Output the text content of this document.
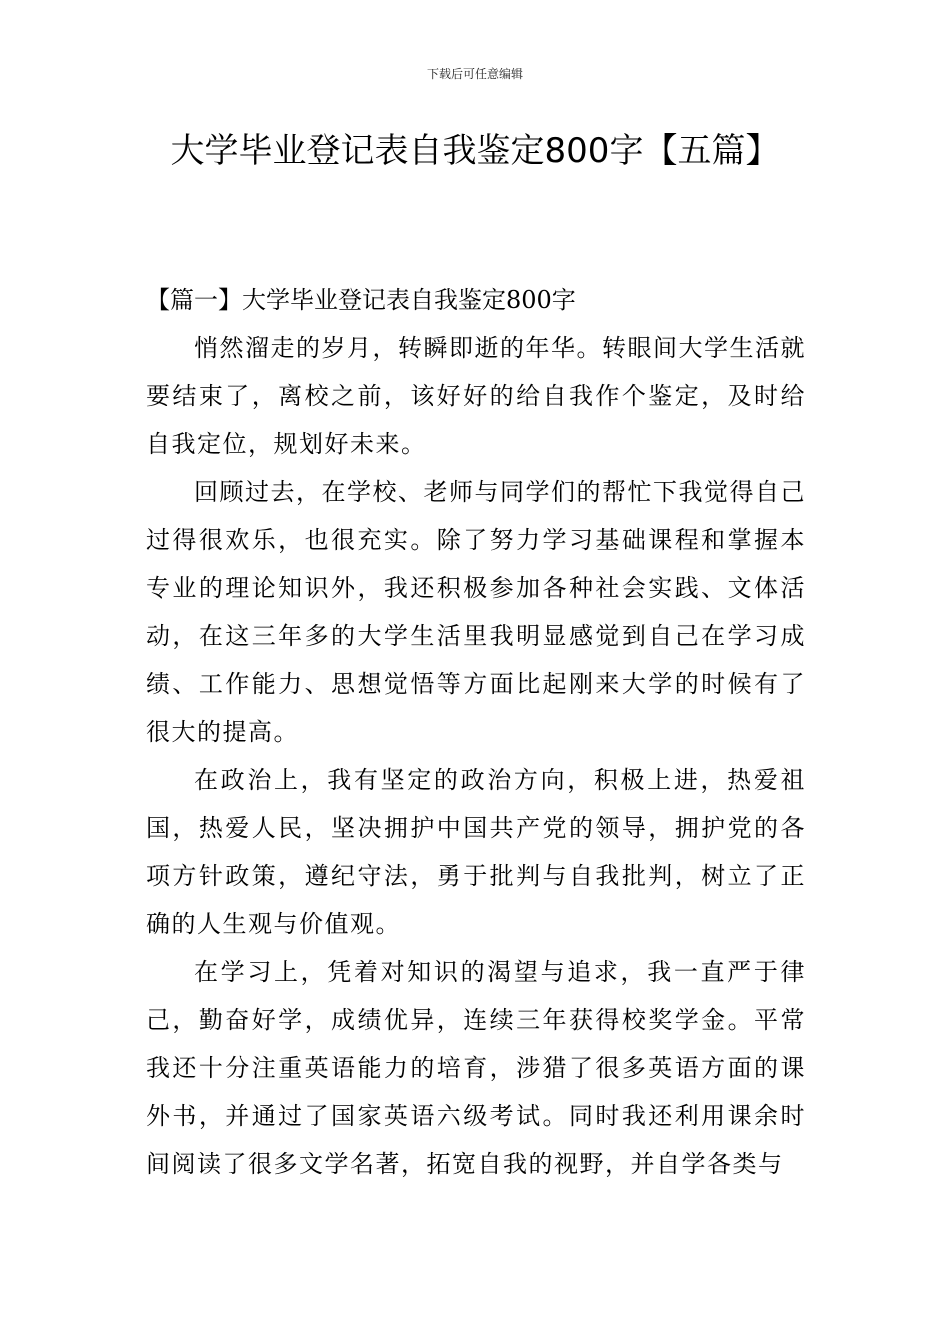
下载后可任意编辑
大学毕业登记表自我鉴定800字【五篇】
【篇一】大学毕业登记表自我鉴定800字

悄然溜走的岁月，转瞬即逝的年华。转眼间大学生活就要结束了，离校之前，该好好的给自我作个鉴定，及时给自我定位，规划好未来。

回顾过去，在学校、老师与同学们的帮忙下我觉得自己过得很欢乐，也很充实。除了努力学习基础课程和掌握本专业的理论知识外，我还积极参加各种社会实践、文体活动，在这三年多的大学生活里我明显感觉到自己在学习成绩、工作能力、思想觉悟等方面比起刚来大学的时候有了很大的提高。

在政治上，我有坚定的政治方向，积极上进，热爱祖国，热爱人民，坚决拥护中国共产党的领导，拥护党的各项方针政策，遵纪守法，勇于批判与自我批判，树立了正确的人生观与价值观。

在学习上，凭着对知识的渴望与追求，我一直严于律己，勤奋好学，成绩优异，连续三年获得校奖学金。平常我还十分注重英语能力的培育，涉猎了很多英语方面的课外书，并通过了国家英语六级考试。同时我还利用课余时间阅读了很多文学名著，拓宽自我的视野，并自学各类与
